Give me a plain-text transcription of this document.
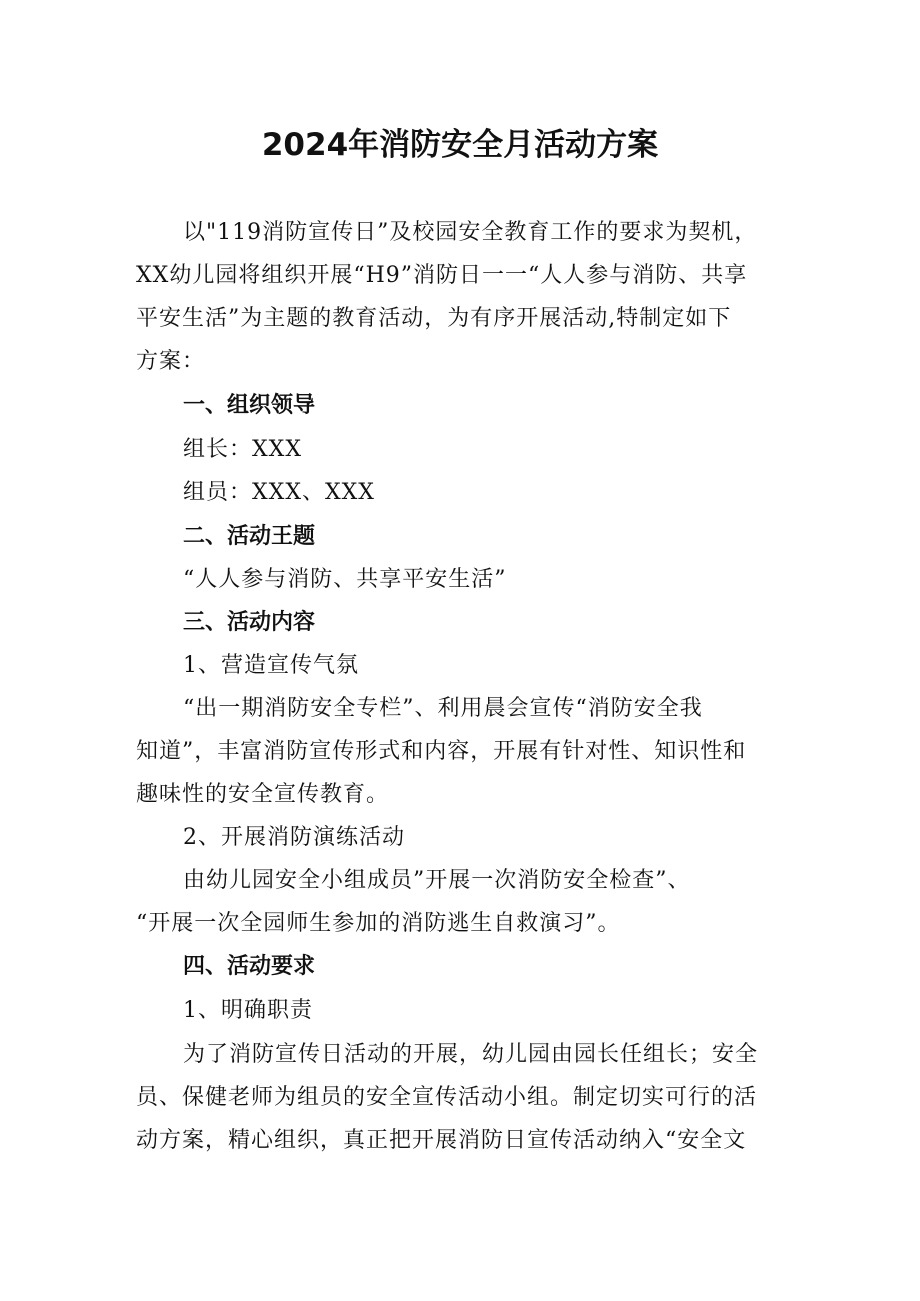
2024年消防安全月活动方案
以"119消防宣传日”及校园安全教育工作的要求为契机，
XX幼儿园将组织开展“H9”消防日一一“人人参与消防、共享
平安生活”为主题的教育活动，为有序开展活动,特制定如下
方案：
一、组织领导
组长：XXX
组员：XXX、XXX
二、活动王题
“人人参与消防、共享平安生活”
三、活动内容
1、营造宣传气氛
“出一期消防安全专栏”、利用晨会宣传“消防安全我
知道”，丰富消防宣传形式和内容，开展有针对性、知识性和
趣味性的安全宣传教育。
2、开展消防演练活动
由幼儿园安全小组成员”开展一次消防安全检查”、
“开展一次全园师生参加的消防逃生自救演习”。
四、活动要求
1、明确职责
为了消防宣传日活动的开展，幼儿园由园长任组长；安全
员、保健老师为组员的安全宣传活动小组。制定切实可行的活
动方案，精心组织，真正把开展消防日宣传活动纳入“安全文
